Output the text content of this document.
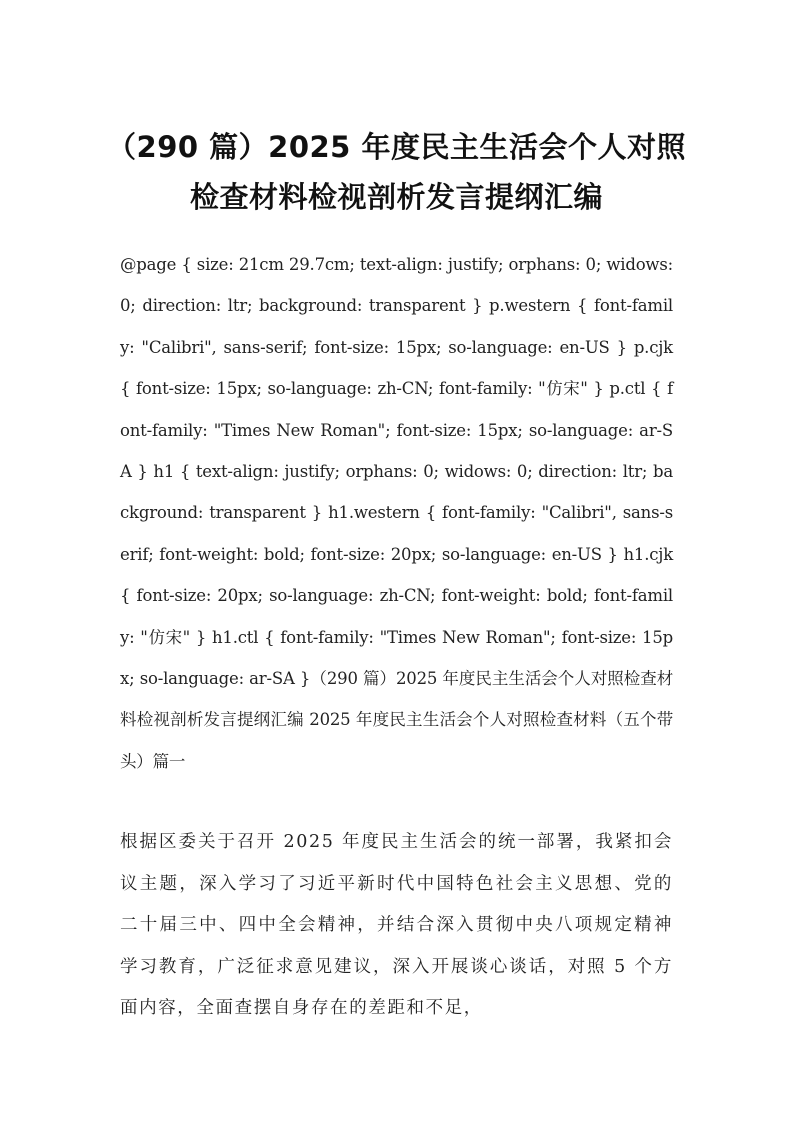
（290 篇）2025 年度民主生活会个人对照检查材料检视剖析发言提纲汇编

@page { size: 21cm 29.7cm; text-align: justify; orphans: 0; widows: 0; direction: ltr; background: transparent } p.western { font-family: "Calibri", sans-serif; font-size: 15px; so-language: en-US } p.cjk { font-size: 15px; so-language: zh-CN; font-family: "仿宋" } p.ctl { font-family: "Times New Roman"; font-size: 15px; so-language: ar-SA } h1 { text-align: justify; orphans: 0; widows: 0; direction: ltr; background: transparent } h1.western { font-family: "Calibri", sans-serif; font-weight: bold; font-size: 20px; so-language: en-US } h1.cjk { font-size: 20px; so-language: zh-CN; font-weight: bold; font-family: "仿宋" } h1.ctl { font-family: "Times New Roman"; font-size: 15px; so-language: ar-SA }（290 篇）2025 年度民主生活会个人对照检查材料检视剖析发言提纲汇编 2025 年度民主生活会个人对照检查材料（五个带头）篇一

根据区委关于召开 2025 年度民主生活会的统一部署，我紧扣会议主题，深入学习了习近平新时代中国特色社会主义思想、党的二十届三中、四中全会精神，并结合深入贯彻中央八项规定精神学习教育，广泛征求意见建议，深入开展谈心谈话，对照 5 个方面内容，全面查摆自身存在的差距和不足，
